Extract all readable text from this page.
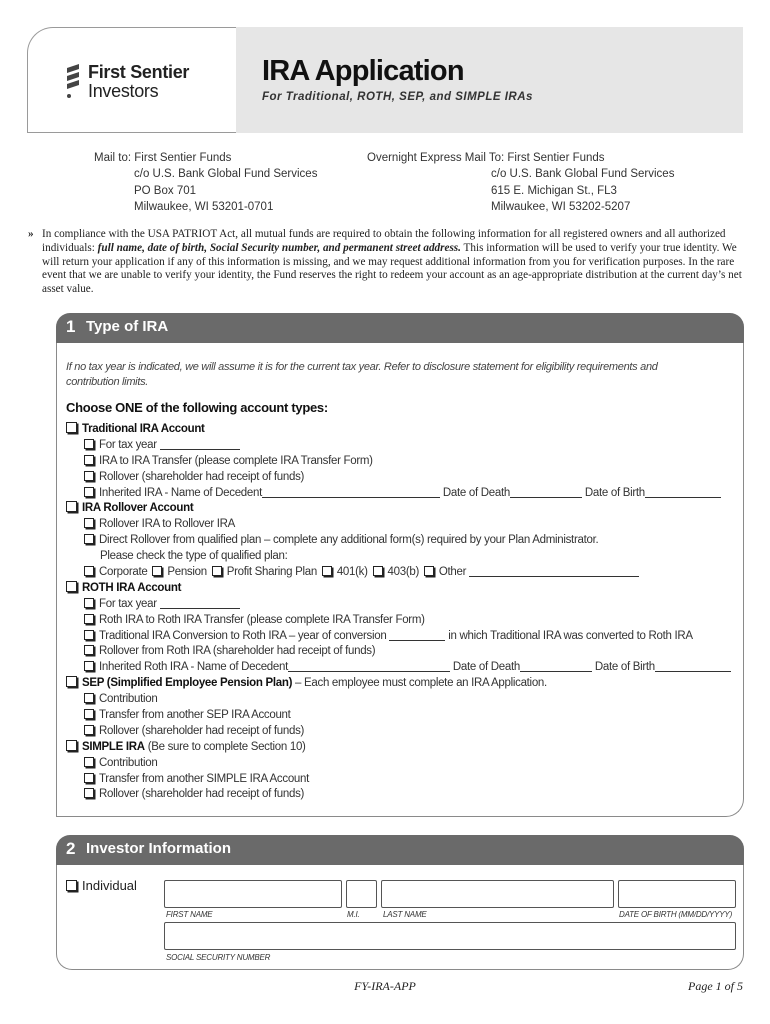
First Sentier
Investors
IRA Application
For Traditional, ROTH, SEP, and SIMPLE IRAs
Mail to: First Sentier Funds
c/o U.S. Bank Global Fund Services
PO Box 701
Milwaukee, WI 53201-0701
Overnight Express Mail To: First Sentier Funds
c/o U.S. Bank Global Fund Services
615 E. Michigan St., FL3
Milwaukee, WI 53202-5207
» In compliance with the USA PATRIOT Act, all mutual funds are required to obtain the following information for all registered owners and all authorized individuals: full name, date of birth, Social Security number, and permanent street address. This information will be used to verify your true identity. We will return your application if any of this information is missing, and we may request additional information from you for verification purposes. In the rare event that we are unable to verify your identity, the Fund reserves the right to redeem your account as an age-appropriate distribution at the current day’s net asset value.
1 Type of IRA
If no tax year is indicated, we will assume it is for the current tax year. Refer to disclosure statement for eligibility requirements and contribution limits.
Choose ONE of the following account types:
Traditional IRA Account
For tax year
IRA to IRA Transfer (please complete IRA Transfer Form)
Rollover (shareholder had receipt of funds)
Inherited IRA - Name of Decedent	Date of Death	Date of Birth
IRA Rollover Account
Rollover IRA to Rollover IRA
Direct Rollover from qualified plan – complete any additional form(s) required by your Plan Administrator.
Please check the type of qualified plan:
Corporate Pension Profit Sharing Plan 401(k) 403(b) Other
ROTH IRA Account
For tax year
Roth IRA to Roth IRA Transfer (please complete IRA Transfer Form)
Traditional IRA Conversion to Roth IRA – year of conversion	in which Traditional IRA was converted to Roth IRA
Rollover from Roth IRA (shareholder had receipt of funds)
Inherited Roth IRA - Name of Decedent	Date of Death	Date of Birth
SEP (Simplified Employee Pension Plan) – Each employee must complete an IRA Application.
Contribution
Transfer from another SEP IRA Account
Rollover (shareholder had receipt of funds)
SIMPLE IRA (Be sure to complete Section 10)
Contribution
Transfer from another SIMPLE IRA Account
Rollover (shareholder had receipt of funds)
2 Investor Information
Individual
FIRST NAME	M.I.	LAST NAME	DATE OF BIRTH (MM/DD/YYYY)
SOCIAL SECURITY NUMBER
FY-IRA-APP	Page 1 of 5
